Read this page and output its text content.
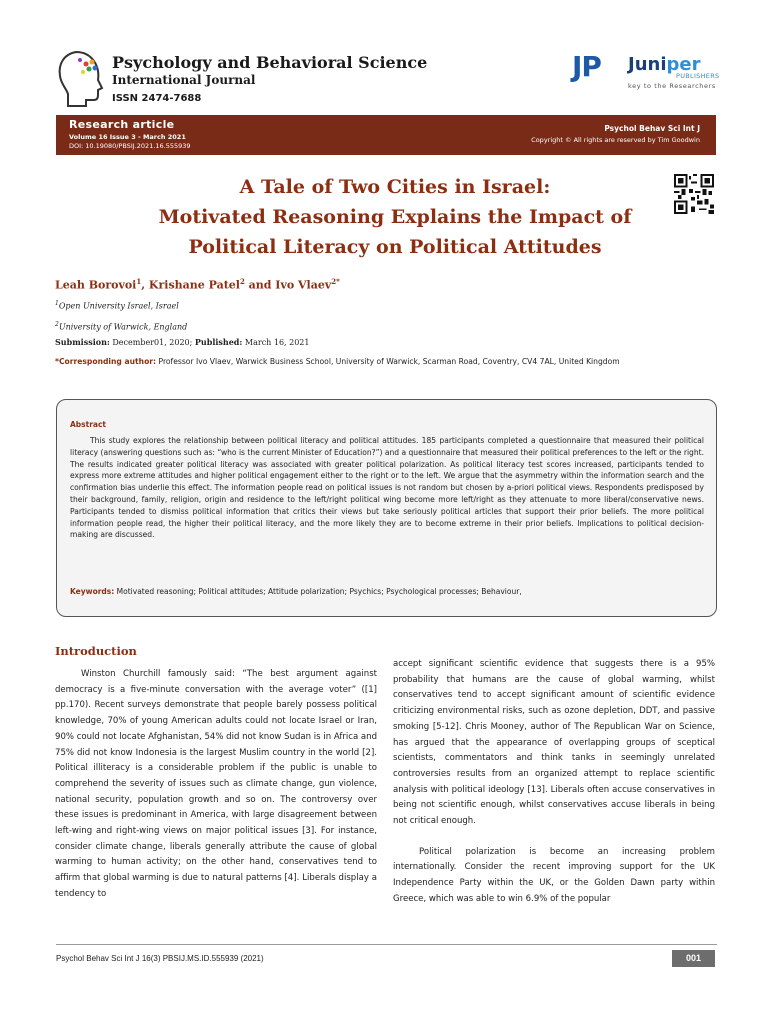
Psychology and Behavioral Science
International Journal
ISSN 2474-7688
JP Juniper
PUBLISHERS
key to the Researchers
Research article
Volume 16 Issue 3 - March 2021
DOI: 10.19080/PBSIJ.2021.16.555939
Psychol Behav Sci Int J
Copyright © All rights are reserved by Tim Goodwin
A Tale of Two Cities in Israel:
Motivated Reasoning Explains the Impact of
Political Literacy on Political Attitudes
Leah Borovoi$^1$, Krishane Patel$^2$ and Ivo Vlaev$^{2*}$
$^1$Open University Israel, Israel
$^2$University of Warwick, England
Submission: December01, 2020; Published: March 16, 2021
*Corresponding author: Professor Ivo Vlaev, Warwick Business School, University of Warwick, Scarman Road, Coventry, CV4 7AL, United Kingdom
Abstract
This study explores the relationship between political literacy and political attitudes. 185 participants completed a questionnaire that measured their political literacy (answering questions such as: “who is the current Minister of Education?”) and a questionnaire that measured their political preferences to the left or the right. The results indicated greater political literacy was associated with greater political polarization. As political literacy test scores increased, participants tended to express more extreme attitudes and higher political engagement either to the right or to the left. We argue that the asymmetry within the information search and the confirmation bias underlie this effect. The information people read on political issues is not random but chosen by a-priori political views. Respondents predisposed by their background, family, religion, origin and residence to the left/right political wing become more left/right as they attenuate to more liberal/conservative news. Participants tended to dismiss political information that critics their views but take seriously political articles that support their prior beliefs. The more political information people read, the higher their political literacy, and the more likely they are to become extreme in their prior beliefs. Implications to political decision-making are discussed.
Keywords: Motivated reasoning; Political attitudes; Attitude polarization; Psychics; Psychological processes; Behaviour,
Introduction

Winston Churchill famously said: “The best argument against democracy is a five-minute conversation with the average voter” ([1] pp.170). Recent surveys demonstrate that people barely possess political knowledge, 70% of young American adults could not locate Israel or Iran, 90% could not locate Afghanistan, 54% did not know Sudan is in Africa and 75% did not know Indonesia is the largest Muslim country in the world [2]. Political illiteracy is a considerable problem if the public is unable to comprehend the severity of issues such as climate change, gun violence, national security, population growth and so on. The controversy over these issues is predominant in America, with large disagreement between left-wing and right-wing views on major political issues [3]. For instance, consider climate change, liberals generally attribute the cause of global warming to human activity; on the other hand, conservatives tend to affirm that global warming is due to natural patterns [4]. Liberals display a tendency to

accept significant scientific evidence that suggests there is a 95% probability that humans are the cause of global warming, whilst conservatives tend to accept significant amount of scientific evidence criticizing environmental risks, such as ozone depletion, DDT, and passive smoking [5-12]. Chris Mooney, author of The Republican War on Science, has argued that the appearance of overlapping groups of sceptical scientists, commentators and think tanks in seemingly unrelated controversies results from an organized attempt to replace scientific analysis with political ideology [13]. Liberals often accuse conservatives in being not scientific enough, whilst conservatives accuse liberals in being not critical enough.

Political polarization is become an increasing problem internationally. Consider the recent improving support for the UK Independence Party within the UK, or the Golden Dawn party within Greece, which was able to win 6.9% of the popular

Psychol Behav Sci Int J 16(3) PBSIJ.MS.ID.555939 (2021)	001
